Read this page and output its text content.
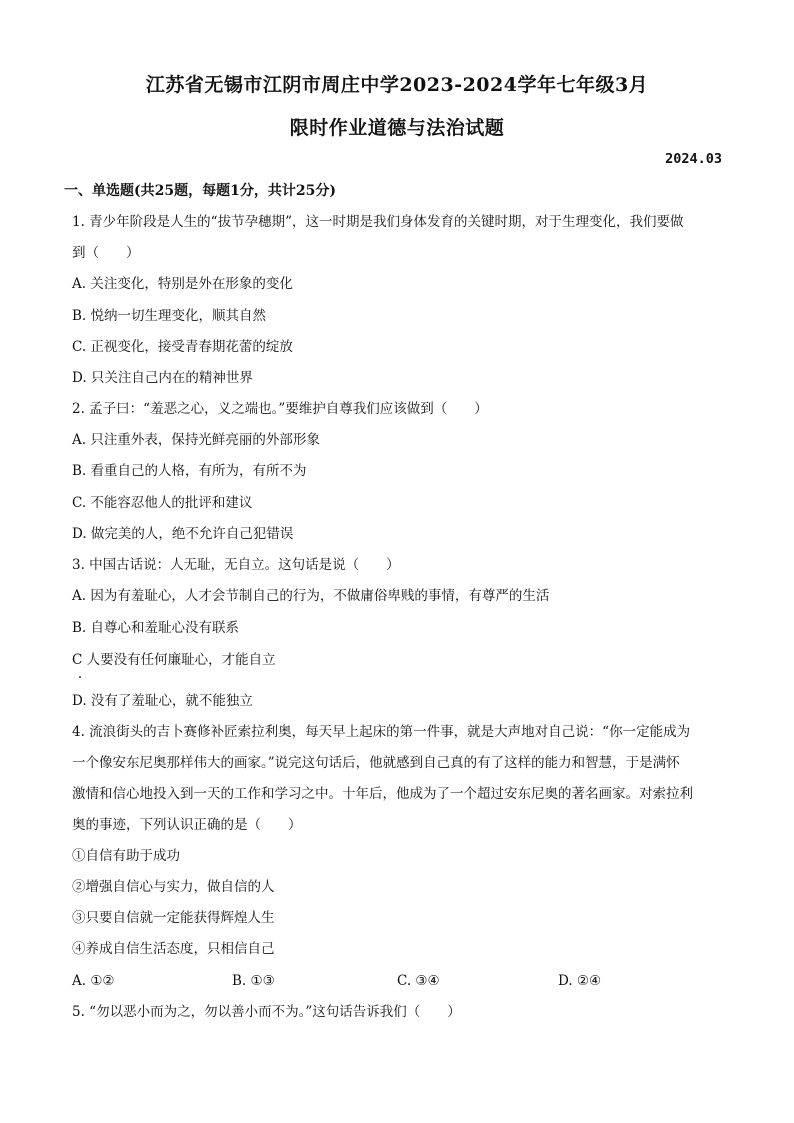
江苏省无锡市江阴市周庄中学2023-2024学年七年级3月
限时作业道德与法治试题
2024.03
一、单选题(共25题，每题1分，共计25分)
1. 青少年阶段是人生的“拔节孕穗期”，这一时期是我们身体发育的关键时期，对于生理变化，我们要做
到（　　）
A. 关注变化，特别是外在形象的变化
B. 悦纳一切生理变化，顺其自然
C. 正视变化，接受青春期花蕾的绽放
D. 只关注自己内在的精神世界
2. 孟子曰：“羞恶之心，义之端也。”要维护自尊我们应该做到（　　）
A. 只注重外表，保持光鲜亮丽的外部形象
B. 看重自己的人格，有所为，有所不为
C. 不能容忍他人的批评和建议
D. 做完美的人，绝不允许自己犯错误
3. 中国古话说：人无耻，无自立。这句话是说（　　）
A. 因为有羞耻心，人才会节制自己的行为，不做庸俗卑贱的事情，有尊严的生活
B. 自尊心和羞耻心没有联系
C 人要没有任何廉耻心，才能自立
D. 没有了羞耻心，就不能独立
4. 流浪街头的吉卜赛修补匠索拉利奥，每天早上起床的第一件事，就是大声地对自己说：“你一定能成为
一个像安东尼奥那样伟大的画家。”说完这句话后，他就感到自己真的有了这样的能力和智慧，于是满怀
激情和信心地投入到一天的工作和学习之中。十年后，他成为了一个超过安东尼奥的著名画家。对索拉利
奥的事迹，下列认识正确的是（　　）
①自信有助于成功
②增强自信心与实力，做自信的人
③只要自信就一定能获得辉煌人生
④养成自信生活态度，只相信自己
A. ①②	B. ①③	C. ③④	D. ②④
5. “勿以恶小而为之，勿以善小而不为。”这句话告诉我们（　　）
